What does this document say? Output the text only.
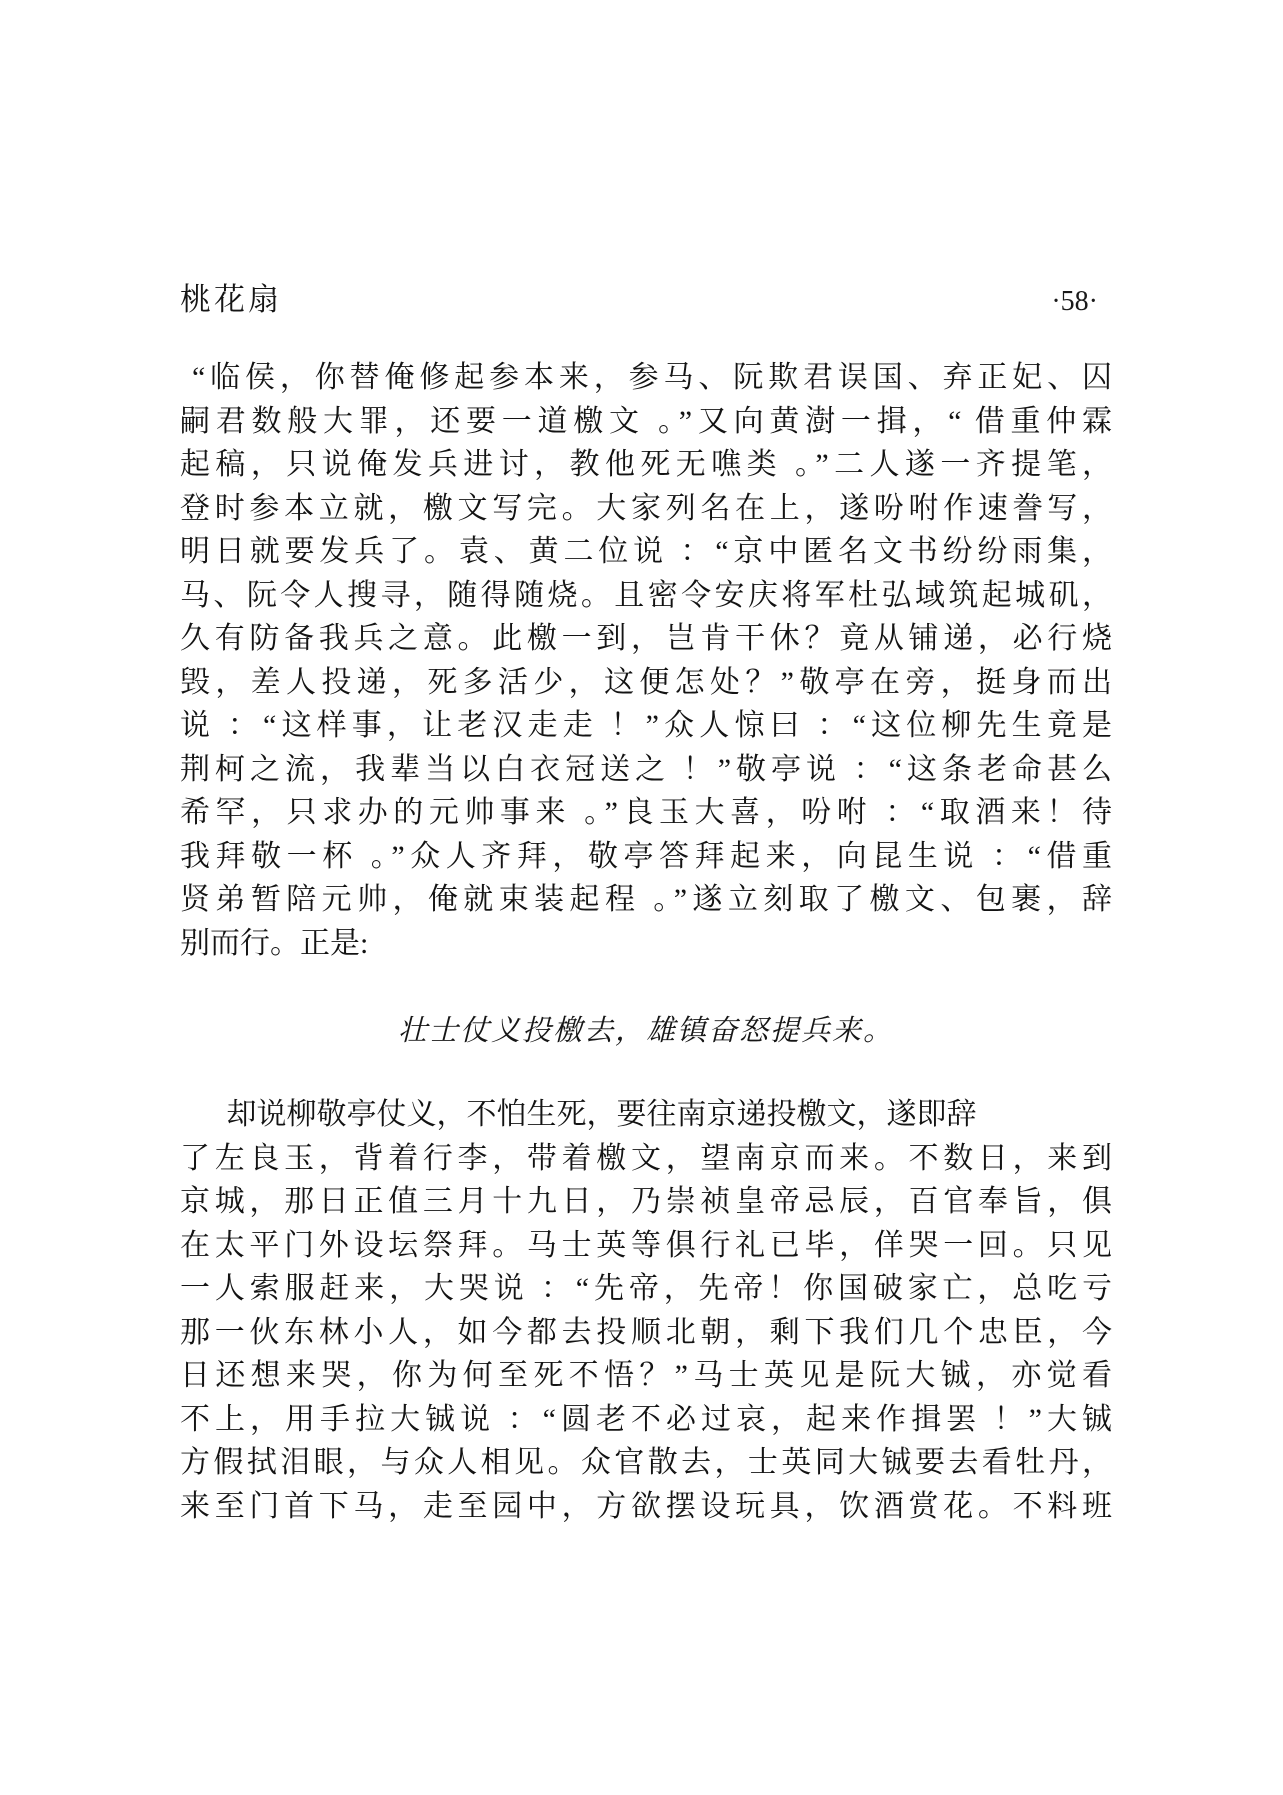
桃花扇	·58·
“临侯，你替俺修起参本来，参马、阮欺君误国、弃正妃、囚
嗣君数般大罪，还要一道檄文 。”又向黄澍一揖，“ 借重仲霖
起稿，只说俺发兵进讨，教他死无噍类 。”二人遂一齐提笔，
登时参本立就，檄文写完。大家列名在上，遂吩咐作速誊写，
明日就要发兵了。袁、黄二位说 ：“京中匿名文书纷纷雨集，
马、阮令人搜寻，随得随烧。且密令安庆将军杜弘域筑起城矶，
久有防备我兵之意。此檄一到，岂肯干休？竟从铺递，必行烧
毁，差人投递，死多活少，这便怎处？”敬亭在旁，挺身而出
说 ：“这样事，让老汉走走 ！”众人惊曰 ：“这位柳先生竟是
荆柯之流，我辈当以白衣冠送之 ！”敬亭说 ：“这条老命甚么
希罕，只求办的元帅事来 。”良玉大喜，吩咐 ：“取酒来！待
我拜敬一杯 。”众人齐拜，敬亭答拜起来，向昆生说 ：“借重
贤弟暂陪元帅，俺就束装起程 。”遂立刻取了檄文、包裹，辞
别而行。正是:
壮士仗义投檄去，雄镇奋怒提兵来。
却说柳敬亭仗义，不怕生死，要往南京递投檄文，遂即辞
了左良玉，背着行李，带着檄文，望南京而来。不数日，来到
京城，那日正值三月十九日，乃崇祯皇帝忌辰，百官奉旨，俱
在太平门外设坛祭拜。马士英等俱行礼已毕，佯哭一回。只见
一人索服赶来，大哭说 ：“先帝，先帝！你国破家亡，总吃亏
那一伙东林小人，如今都去投顺北朝，剩下我们几个忠臣，今
日还想来哭，你为何至死不悟？”马士英见是阮大铖，亦觉看
不上，用手拉大铖说 ：“圆老不必过哀，起来作揖罢 ！”大铖
方假拭泪眼，与众人相见。众官散去，士英同大铖要去看牡丹，
来至门首下马，走至园中，方欲摆设玩具，饮酒赏花。不料班
